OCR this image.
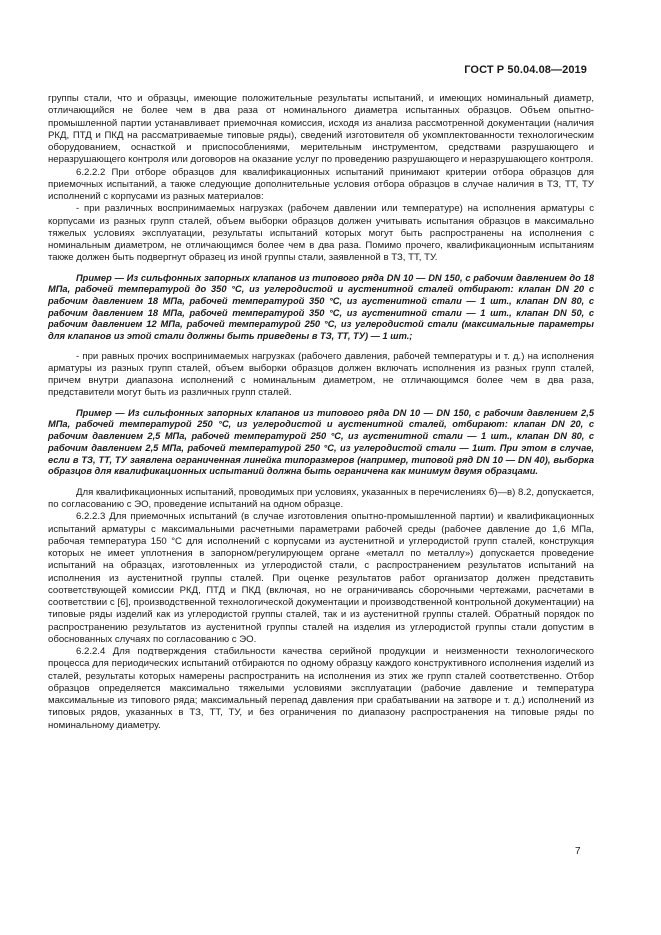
ГОСТ Р 50.04.08—2019

группы стали, что и образцы, имеющие положительные результаты испытаний, и имеющих номинальный диаметр, отличающийся не более чем в два раза от номинального диаметра испытанных образцов. Объем опытно-промышленной партии устанавливает приемочная комиссия, исходя из анализа рассмотренной документации (наличия РКД, ПТД и ПКД на рассматриваемые типовые ряды), сведений изготовителя об укомплектованности технологическим оборудованием, оснасткой и приспособлениями, мерительным инструментом, средствами разрушающего и неразрушающего контроля или договоров на оказание услуг по проведению разрушающего и неразрушающего контроля.

6.2.2.2 При отборе образцов для квалификационных испытаний принимают критерии отбора образцов для приемочных испытаний, а также следующие дополнительные условия отбора образцов в случае наличия в ТЗ, ТТ, ТУ исполнений с корпусами из разных материалов:

- при различных воспринимаемых нагрузках (рабочем давлении или температуре) на исполнения арматуры с корпусами из разных групп сталей, объем выборки образцов должен учитывать испытания образцов в максимально тяжелых условиях эксплуатации, результаты испытаний которых могут быть распространены на исполнения с номинальным диаметром, не отличающимся более чем в два раза. Помимо прочего, квалификационным испытаниям также должен быть подвергнут образец из иной группы стали, заявленной в ТЗ, ТТ, ТУ.

Пример — Из сильфонных запорных клапанов из типового ряда DN 10 — DN 150, с рабочим давлением до 18 МПа, рабочей температурой до 350 °С, из углеродистой и аустенитной сталей отбирают: клапан DN 20 с рабочим давлением 18 МПа, рабочей температурой 350 °С, из аустенитной стали — 1 шт., клапан DN 80, с рабочим давлением 18 МПа, рабочей температурой 350 °С, из аустенитной стали — 1 шт., клапан DN 50, с рабочим давлением 12 МПа, рабочей температурой 250 °С, из углеродистой стали (максимальные параметры для клапанов из этой стали должны быть приведены в ТЗ, ТТ, ТУ) — 1 шт.;

- при равных прочих воспринимаемых нагрузках (рабочего давления, рабочей температуры и т. д.) на исполнения арматуры из разных групп сталей, объем выборки образцов должен включать исполнения из разных групп сталей, причем внутри диапазона исполнений с номинальным диаметром, не отличающимся более чем в два раза, представители могут быть из различных групп сталей.

Пример — Из сильфонных запорных клапанов из типового ряда DN 10 — DN 150, с рабочим давлением 2,5 МПа, рабочей температурой 250 °С, из углеродистой и аустенитной сталей, отбирают: клапан DN 20, с рабочим давлением 2,5 МПа, рабочей температурой 250 °С, из аустенитной стали — 1 шт., клапан DN 80, с рабочим давлением 2,5 МПа, рабочей температурой 250 °С, из углеродистой стали — 1шт. При этом в случае, если в ТЗ, ТТ, ТУ заявлена ограниченная линейка типоразмеров (например, типовой ряд DN 10 — DN 40), выборка образцов для квалификационных испытаний должна быть ограничена как минимум двумя образцами.

Для квалификационных испытаний, проводимых при условиях, указанных в перечислениях б)—в) 8.2, допускается, по согласованию с ЭО, проведение испытаний на одном образце.

6.2.2.3 Для приемочных испытаний (в случае изготовления опытно-промышленной партии) и квалификационных испытаний арматуры с максимальными расчетными параметрами рабочей среды (рабочее давление до 1,6 МПа, рабочая температура 150 °С для исполнений с корпусами из аустенитной и углеродистой групп сталей, конструкция которых не имеет уплотнения в запорном/регулирующем органе «металл по металлу») допускается проведение испытаний на образцах, изготовленных из углеродистой стали, с распространением результатов испытаний на исполнения из аустенитной группы сталей. При оценке результатов работ организатор должен представить соответствующей комиссии РКД, ПТД и ПКД (включая, но не ограничиваясь сборочными чертежами, расчетами в соответствии с [6], производственной технологической документации и производственной контрольной документации) на типовые ряды изделий как из углеродистой группы сталей, так и из аустенитной группы сталей. Обратный порядок по распространению результатов из аустенитной группы сталей на изделия из углеродистой группы стали допустим в обоснованных случаях по согласованию с ЭО.

6.2.2.4 Для подтверждения стабильности качества серийной продукции и неизменности технологического процесса для периодических испытаний отбираются по одному образцу каждого конструктивного исполнения изделий из сталей, результаты которых намерены распространить на исполнения из этих же групп сталей соответственно. Отбор образцов определяется максимально тяжелыми условиями эксплуатации (рабочие давление и температура максимальные из типового ряда; максимальный перепад давления при срабатывании на затворе и т. д.) исполнений из типовых рядов, указанных в ТЗ, ТТ, ТУ, и без ограничения по диапазону распространения на типовые ряды по номинальному диаметру.

7
